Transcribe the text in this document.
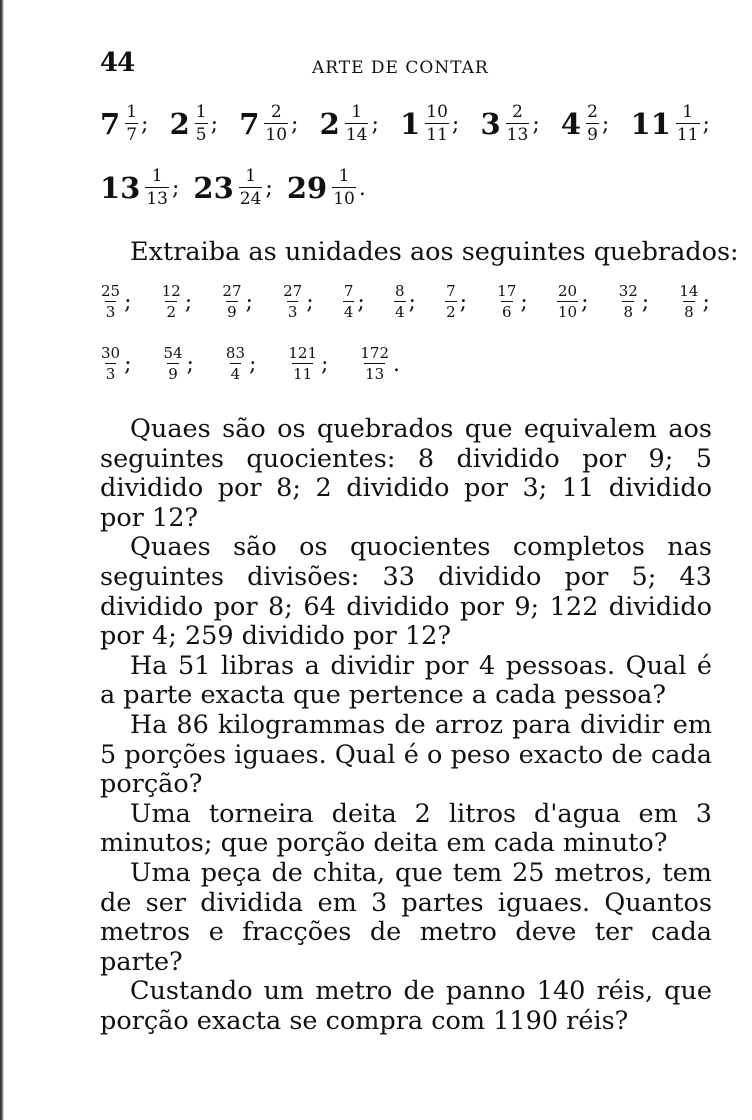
44	ARTE DE CONTAR
$7 \frac{1}{7}$ ; $2 \frac{1}{5}$ ; $7 \frac{2}{10}$ ; $2 \frac{1}{14}$ ; $1 \frac{10}{11}$ ; $3 \frac{2}{13}$ ; $4 \frac{2}{9}$ ; $11 \frac{1}{11}$ ;
$13 \frac{1}{13}$ ; $23 \frac{1}{24}$ ; $29 \frac{1}{10}$ .
Extraiba as unidades aos seguintes quebrados:
$\frac{25}{3}$ ; $\frac{12}{2}$ ; $\frac{27}{9}$ ; $\frac{27}{3}$ ; $\frac{7}{4}$ ; $\frac{8}{4}$ ; $\frac{7}{2}$ ; $\frac{17}{6}$ ; $\frac{20}{10}$ ; $\frac{32}{8}$ ; $\frac{14}{8}$ ;
$\frac{30}{3}$ ; $\frac{54}{9}$ ; $\frac{83}{4}$ ; $\frac{121}{11}$ ; $\frac{172}{13}$ .

Quaes são os quebrados que equivalem aos seguintes quocientes: 8 dividido por 9; 5 dividido por 8; 2 dividido por 3; 11 dividido por 12?

Quaes são os quocientes completos nas seguintes divisões: 33 dividido por 5; 43 dividido por 8; 64 dividido por 9; 122 dividido por 4; 259 dividido por 12?

Ha 51 libras a dividir por 4 pessoas. Qual é a parte exacta que pertence a cada pessoa?

Ha 86 kilogrammas de arroz para dividir em 5 porções iguaes. Qual é o peso exacto de cada porção?

Uma torneira deita 2 litros d'agua em 3 minutos; que porção deita em cada minuto?

Uma peça de chita, que tem 25 metros, tem de ser dividida em 3 partes iguaes. Quantos metros e fracções de metro deve ter cada parte?

Custando um metro de panno 140 réis, que porção exacta se compra com 1190 réis?
